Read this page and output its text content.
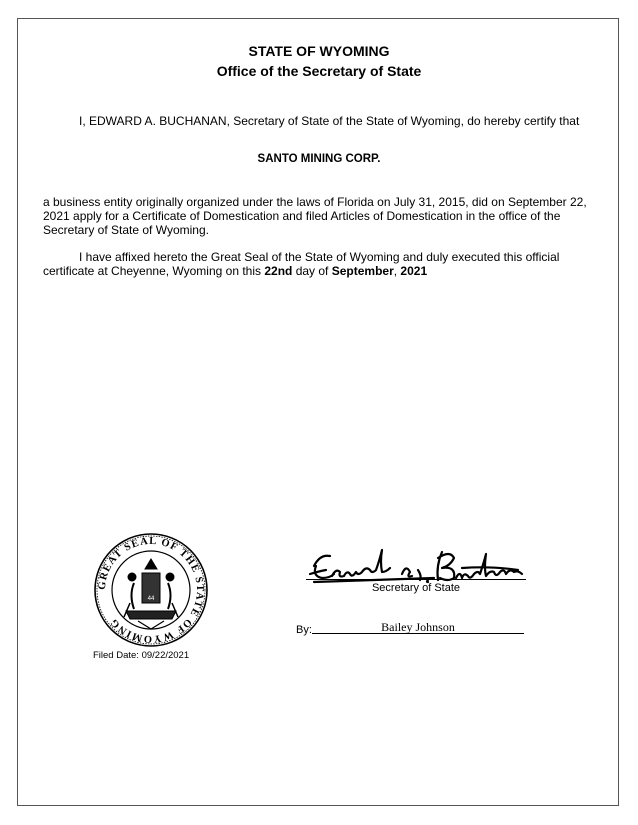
STATE OF WYOMING
Office of the Secretary of State
I, EDWARD A. BUCHANAN, Secretary of State of the State of Wyoming, do hereby certify that
SANTO MINING CORP.
a business entity originally organized under the laws of Florida on July 31, 2015, did on September 22, 2021 apply for a Certificate of Domestication and filed Articles of Domestication in the office of the Secretary of State of Wyoming.
I have affixed hereto the Great Seal of the State of Wyoming and duly executed this official certificate at Cheyenne, Wyoming on this 22nd day of September, 2021
GREAT SEAL OF THE STATE OF WYOMING
44
Filed Date: 09/22/2021
Secretary of State
By:	Bailey Johnson
